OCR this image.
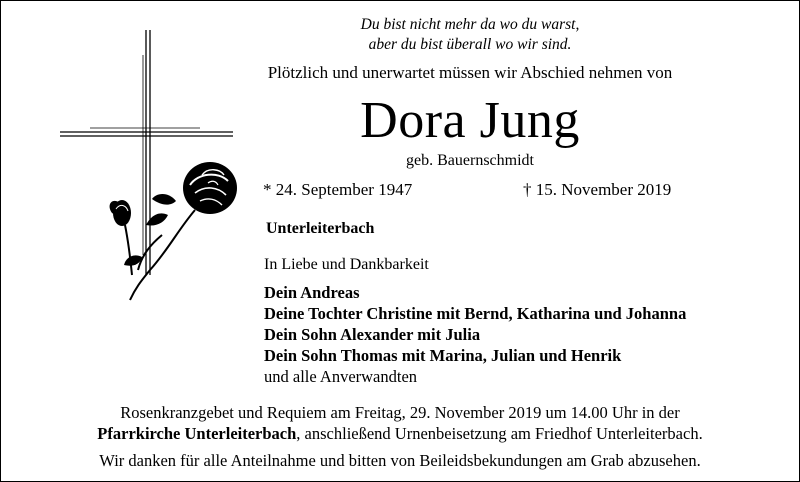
Du bist nicht mehr da wo du warst,
aber du bist überall wo wir sind.
Plötzlich und unerwartet müssen wir Abschied nehmen von
Dora Jung
geb. Bauernschmidt
* 24. September 1947	† 15. November 2019
Unterleiterbach
In Liebe und Dankbarkeit
Dein Andreas
Deine Tochter Christine mit Bernd, Katharina und Johanna
Dein Sohn Alexander mit Julia
Dein Sohn Thomas mit Marina, Julian und Henrik
und alle Anverwandten
Rosenkranzgebet und Requiem am Freitag, 29. November 2019 um 14.00 Uhr in der
Pfarrkirche Unterleiterbach, anschließend Urnenbeisetzung am Friedhof Unterleiterbach.
Wir danken für alle Anteilnahme und bitten von Beileidsbekundungen am Grab abzusehen.
